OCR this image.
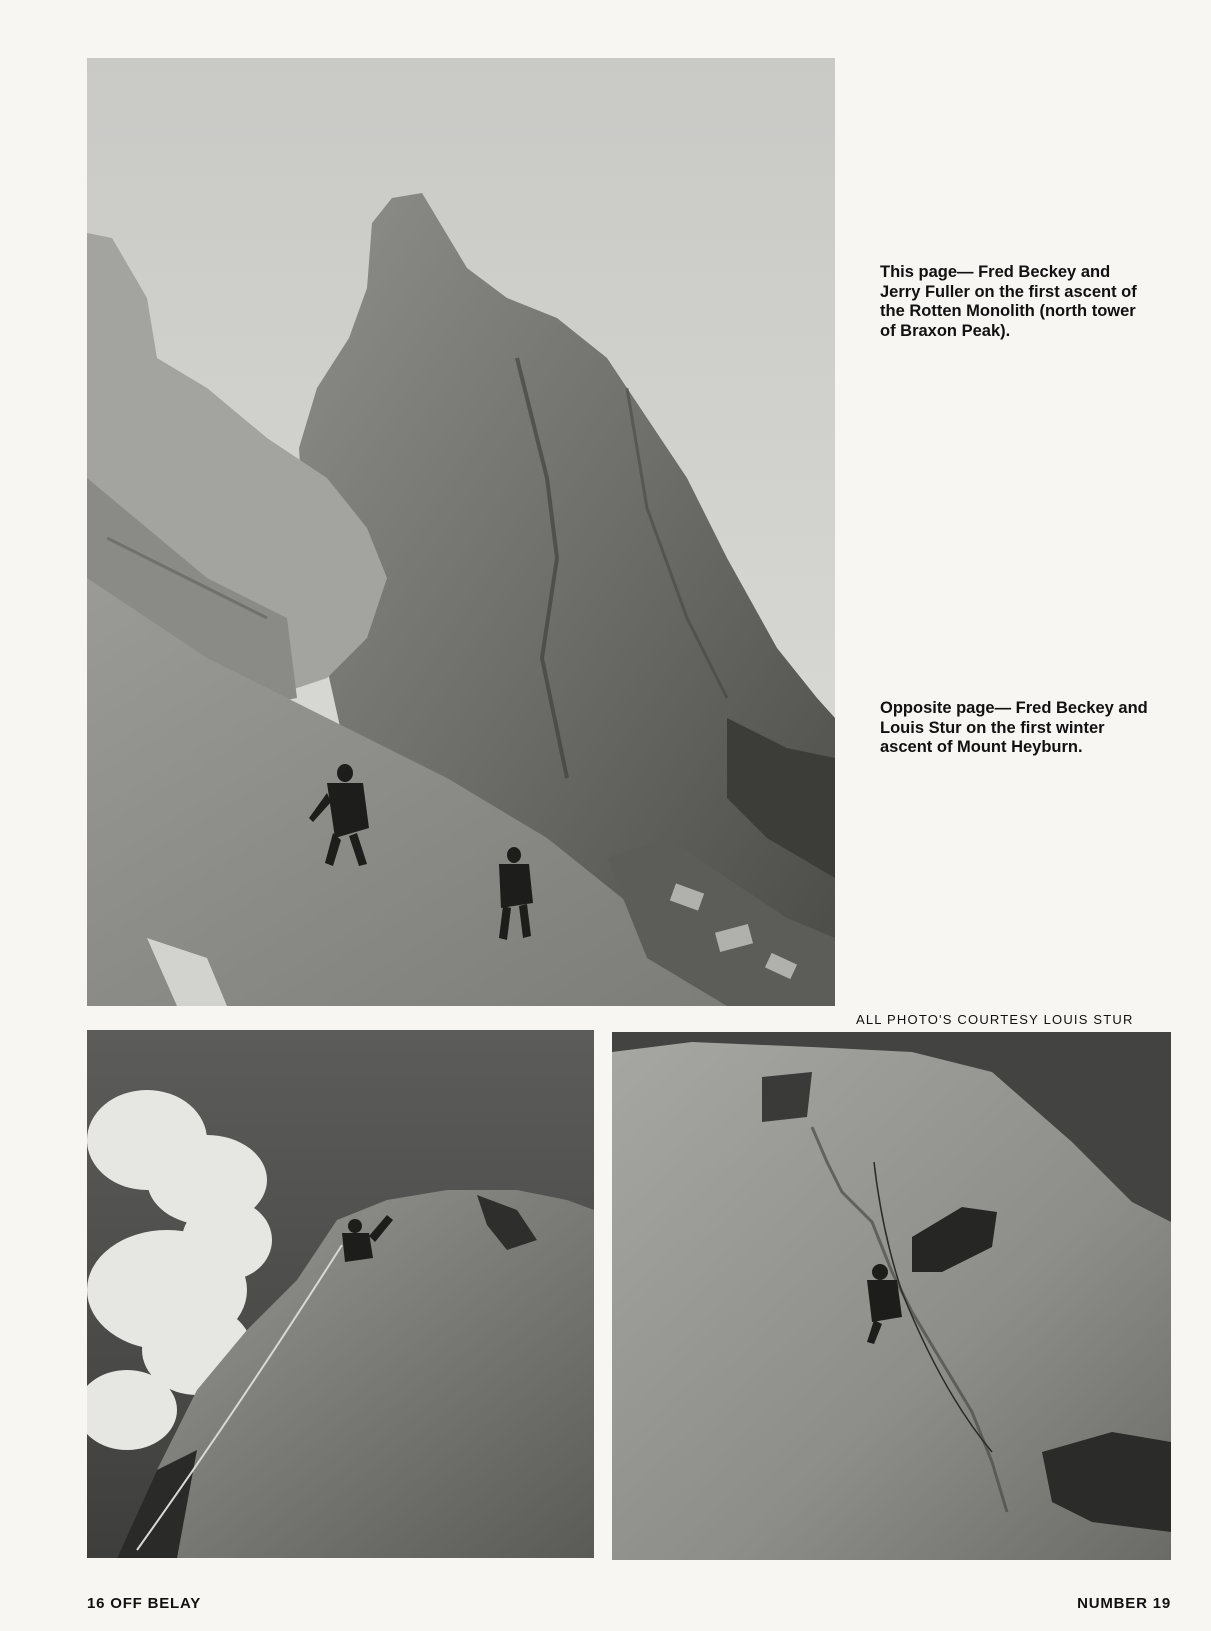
This page— Fred Beckey and Jerry Fuller on the first ascent of the Rotten Monolith (north tower of Braxon Peak).
Opposite page— Fred Beckey and Louis Stur on the first winter ascent of Mount Heyburn.
ALL PHOTO'S COURTESY LOUIS STUR
16 OFF BELAY	NUMBER 19
